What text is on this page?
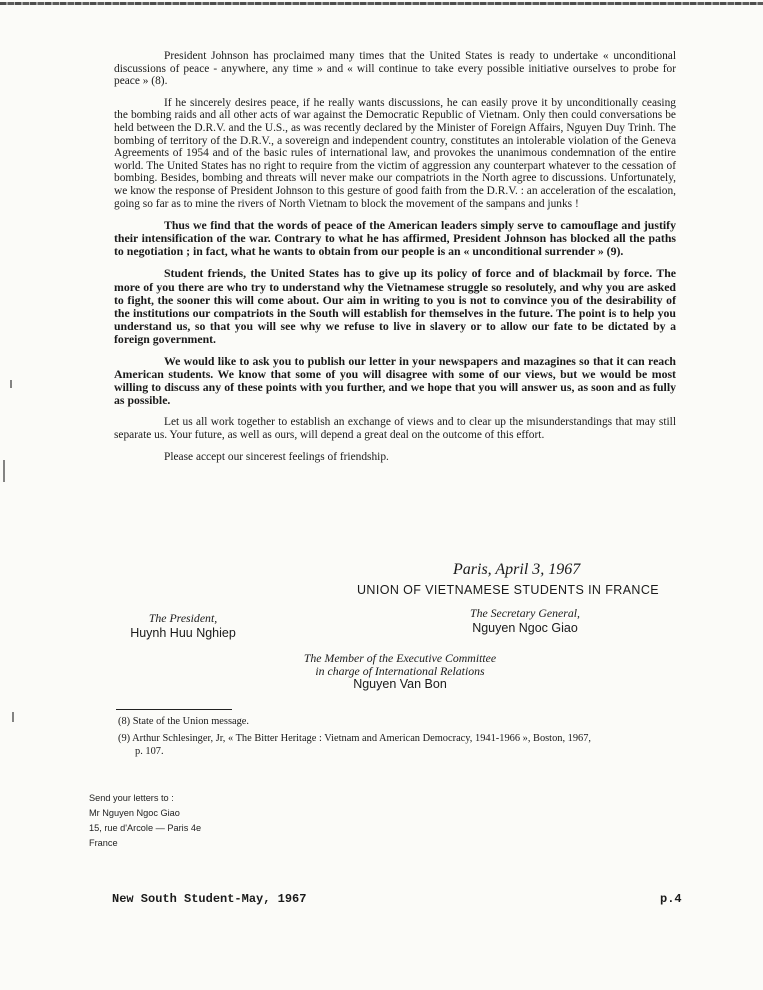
President Johnson has proclaimed many times that the United States is ready to undertake « unconditional discussions of peace - anywhere, any time » and « will continue to take every possible initiative ourselves to probe for peace » (8).

If he sincerely desires peace, if he really wants discussions, he can easily prove it by unconditionally ceasing the bombing raids and all other acts of war against the Democratic Republic of Vietnam. Only then could conversations be held between the D.R.V. and the U.S., as was recently declared by the Minister of Foreign Affairs, Nguyen Duy Trinh. The bombing of territory of the D.R.V., a sovereign and independent country, constitutes an intolerable violation of the Geneva Agreements of 1954 and of the basic rules of international law, and provokes the unanimous condemnation of the entire world. The United States has no right to require from the victim of aggression any counterpart whatever to the cessation of bombing. Besides, bombing and threats will never make our compatriots in the North agree to discussions. Unfortunately, we know the response of President Johnson to this gesture of good faith from the D.R.V. : an acceleration of the escalation, going so far as to mine the rivers of North Vietnam to block the movement of the sampans and junks !

Thus we find that the words of peace of the American leaders simply serve to camouflage and justify their intensification of the war. Contrary to what he has affirmed, President Johnson has blocked all the paths to negotiation ; in fact, what he wants to obtain from our people is an « unconditional surrender » (9).

Student friends, the United States has to give up its policy of force and of blackmail by force. The more of you there are who try to understand why the Vietnamese struggle so resolutely, and why you are asked to fight, the sooner this will come about. Our aim in writing to you is not to convince you of the desirability of the institutions our compatriots in the South will establish for themselves in the future. The point is to help you understand us, so that you will see why we refuse to live in slavery or to allow our fate to be dictated by a foreign government.

We would like to ask you to publish our letter in your newspapers and mazagines so that it can reach American students. We know that some of you will disagree with some of our views, but we would be most willing to discuss any of these points with you further, and we hope that you will answer us, as soon and as fully as possible.

Let us all work together to establish an exchange of views and to clear up the misunderstandings that may still separate us. Your future, as well as ours, will depend a great deal on the outcome of this effort.

Please accept our sincerest feelings of friendship.

Paris, April 3, 1967
UNION OF VIETNAMESE STUDENTS IN FRANCE
The President,
Huynh Huu Nghiep
The Secretary General,
Nguyen Ngoc Giao
The Member of the Executive Committee
in charge of International Relations
Nguyen Van Bon
(8) State of the Union message.
(9) Arthur Schlesinger, Jr, « The Bitter Heritage : Vietnam and American Democracy, 1941-1966 », Boston, 1967,
p. 107.
Send your letters to :
Mr Nguyen Ngoc Giao
15, rue d'Arcole — Paris 4e
France
New South Student-May, 1967	p.4
